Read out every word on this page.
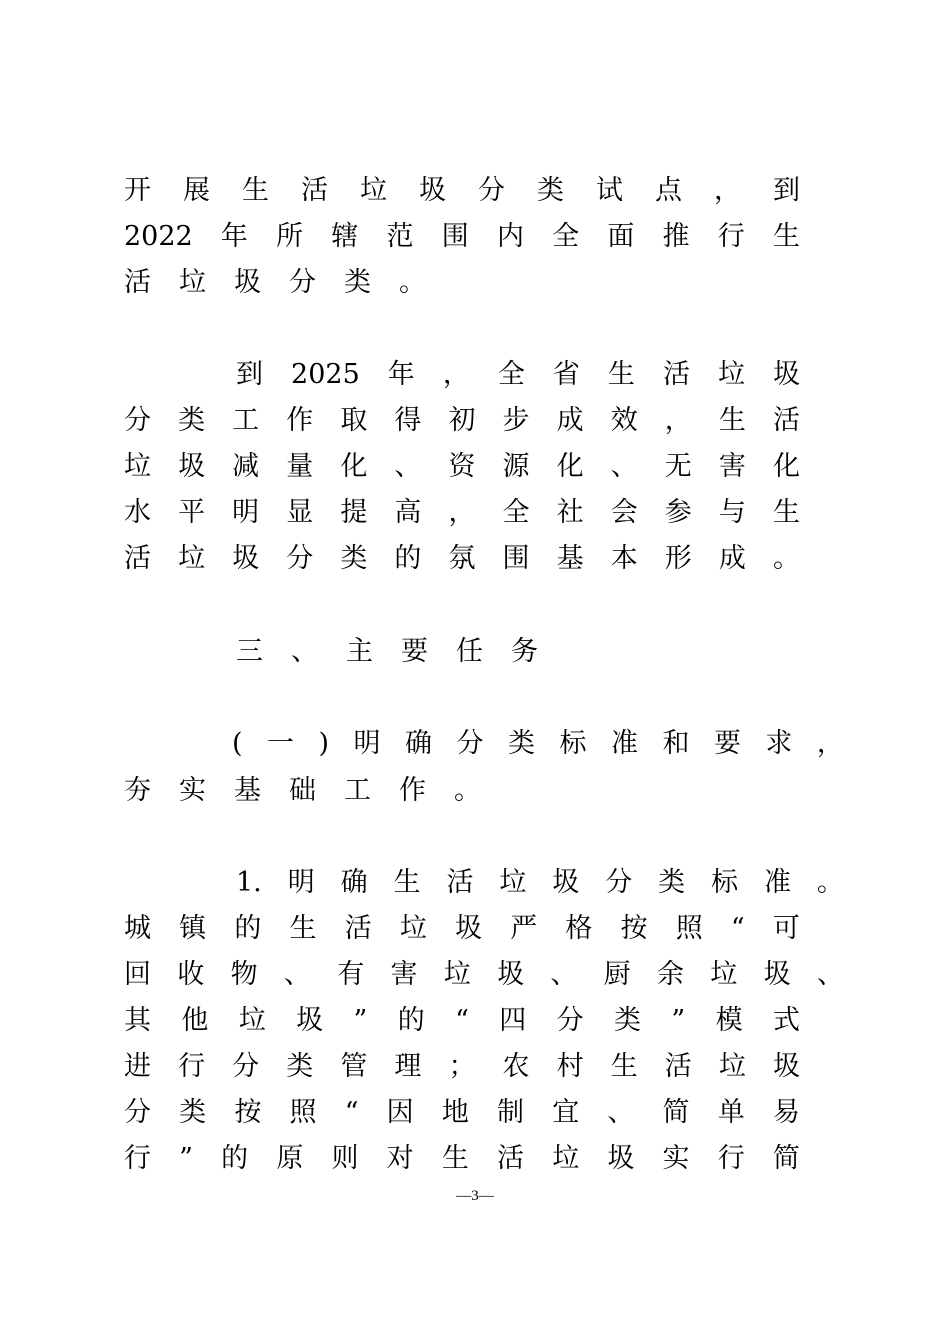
开 展 生 活 垃 圾 分 类 试 点 ， 到
2022 年 所 辖 范 围 内 全 面 推 行 生
活 垃 圾 分 类 。
到 2025 年 ， 全 省 生 活 垃 圾
分 类 工 作 取 得 初 步 成 效 ， 生 活
垃 圾 减 量 化 、 资 源 化 、 无 害 化
水 平 明 显 提 高 ， 全 社 会 参 与 生
活 垃 圾 分 类 的 氛 围 基 本 形 成 。
三 、 主 要 任 务
( 一 ) 明 确 分 类 标 准 和 要 求 ，
夯 实 基 础 工 作 。
1. 明 确 生 活 垃 圾 分 类 标 准 。
城 镇 的 生 活 垃 圾 严 格 按 照 “ 可
回 收 物 、 有 害 垃 圾 、 厨 余 垃 圾 、
其 他 垃 圾 ” 的 “ 四 分 类 ” 模 式
进 行 分 类 管 理 ； 农 村 生 活 垃 圾
分 类 按 照 “ 因 地 制 宜 、 简 单 易
行 ” 的 原 则 对 生 活 垃 圾 实 行 简
—3—
